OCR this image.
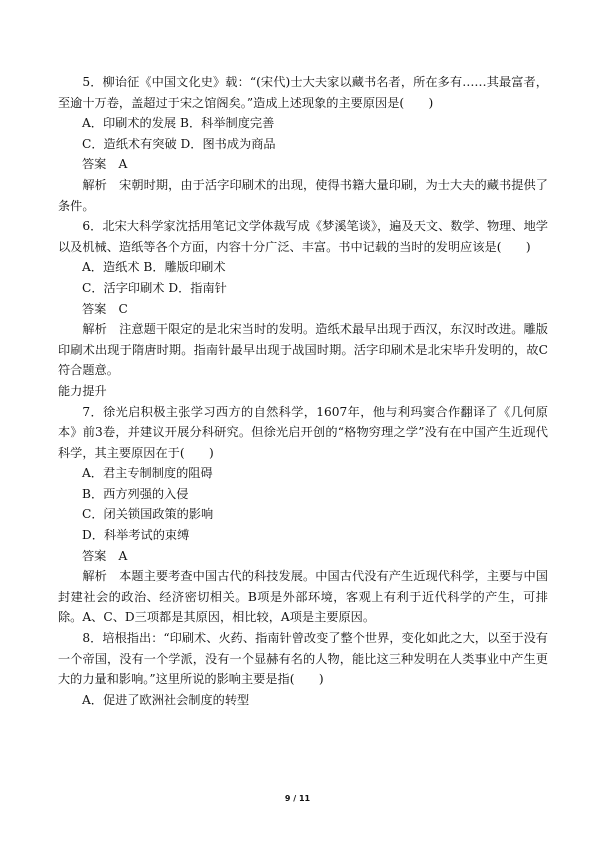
5．柳诒征《中国文化史》载：“(宋代)士大夫家以藏书名者，所在多有……其最富者，至逾十万卷，盖超过于宋之馆阁矣。”造成上述现象的主要原因是(　　)

A．印刷术的发展 B．科举制度完善

C．造纸术有突破 D．图书成为商品

答案　A

解析　宋朝时期，由于活字印刷术的出现，使得书籍大量印刷，为士大夫的藏书提供了条件。

6．北宋大科学家沈括用笔记文学体裁写成《梦溪笔谈》，遍及天文、数学、物理、地学以及机械、造纸等各个方面，内容十分广泛、丰富。书中记载的当时的发明应该是(　　)

A．造纸术 B．雕版印刷术

C．活字印刷术 D．指南针

答案　C

解析　注意题干限定的是北宋当时的发明。造纸术最早出现于西汉，东汉时改进。雕版印刷术出现于隋唐时期。指南针最早出现于战国时期。活字印刷术是北宋毕升发明的，故C符合题意。

能力提升

7．徐光启积极主张学习西方的自然科学，1607年，他与利玛窦合作翻译了《几何原本》前3卷，并建议开展分科研究。但徐光启开创的“格物穷理之学”没有在中国产生近现代科学，其主要原因在于(　　)

A．君主专制制度的阻碍

B．西方列强的入侵

C．闭关锁国政策的影响

D．科举考试的束缚

答案　A

解析　本题主要考查中国古代的科技发展。中国古代没有产生近现代科学，主要与中国封建社会的政治、经济密切相关。B项是外部环境，客观上有利于近代科学的产生，可排除。A、C、D三项都是其原因，相比较，A项是主要原因。

8．培根指出：“印刷术、火药、指南针曾改变了整个世界，变化如此之大，以至于没有一个帝国，没有一个学派，没有一个显赫有名的人物，能比这三种发明在人类事业中产生更大的力量和影响。”这里所说的影响主要是指(　　)

A．促进了欧洲社会制度的转型

9 / 11
